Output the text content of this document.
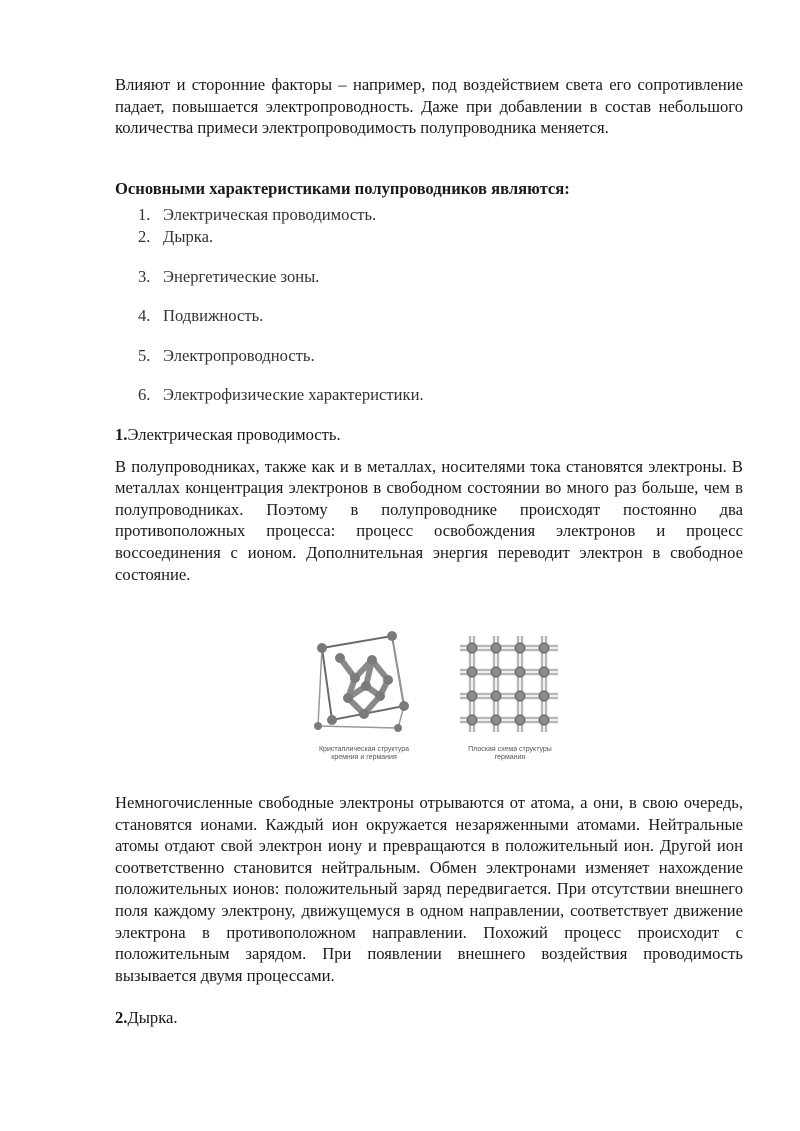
Влияют и сторонние факторы – например, под воздействием света его сопротивление падает, повышается электропроводность. Даже при добавлении в состав небольшого количества примеси электропроводимость полупроводника меняется.

Основными характеристиками полупроводников являются:

1. Электрическая проводимость.
2. Дырка.
3. Энергетические зоны.
4. Подвижность.
5. Электропроводность.
6. Электрофизические характеристики.

1.Электрическая проводимость.

В полупроводниках, также как и в металлах, носителями тока становятся электроны. В металлах концентрация электронов в свободном состоянии во много раз больше, чем в полупроводниках. Поэтому в полупроводнике происходят постоянно два противоположных процесса: процесс освобождения электронов и процесс воссоединения с ионом. Дополнительная энергия переводит электрон в свободное состояние.

Кристаллическая структура кремния и германия
Плоская схема структуры германия

Немногочисленные свободные электроны отрываются от атома, а они, в свою очередь, становятся ионами. Каждый ион окружается незаряженными атомами. Нейтральные атомы отдают свой электрон иону и превращаются в положительный ион. Другой ион соответственно становится нейтральным. Обмен электронами изменяет нахождение положительных ионов: положительный заряд передвигается. При отсутствии внешнего поля каждому электрону, движущемуся в одном направлении, соответствует движение электрона в противоположном направлении. Похожий процесс происходит с положительным зарядом. При появлении внешнего воздействия проводимость вызывается двумя процессами.

2.Дырка.
